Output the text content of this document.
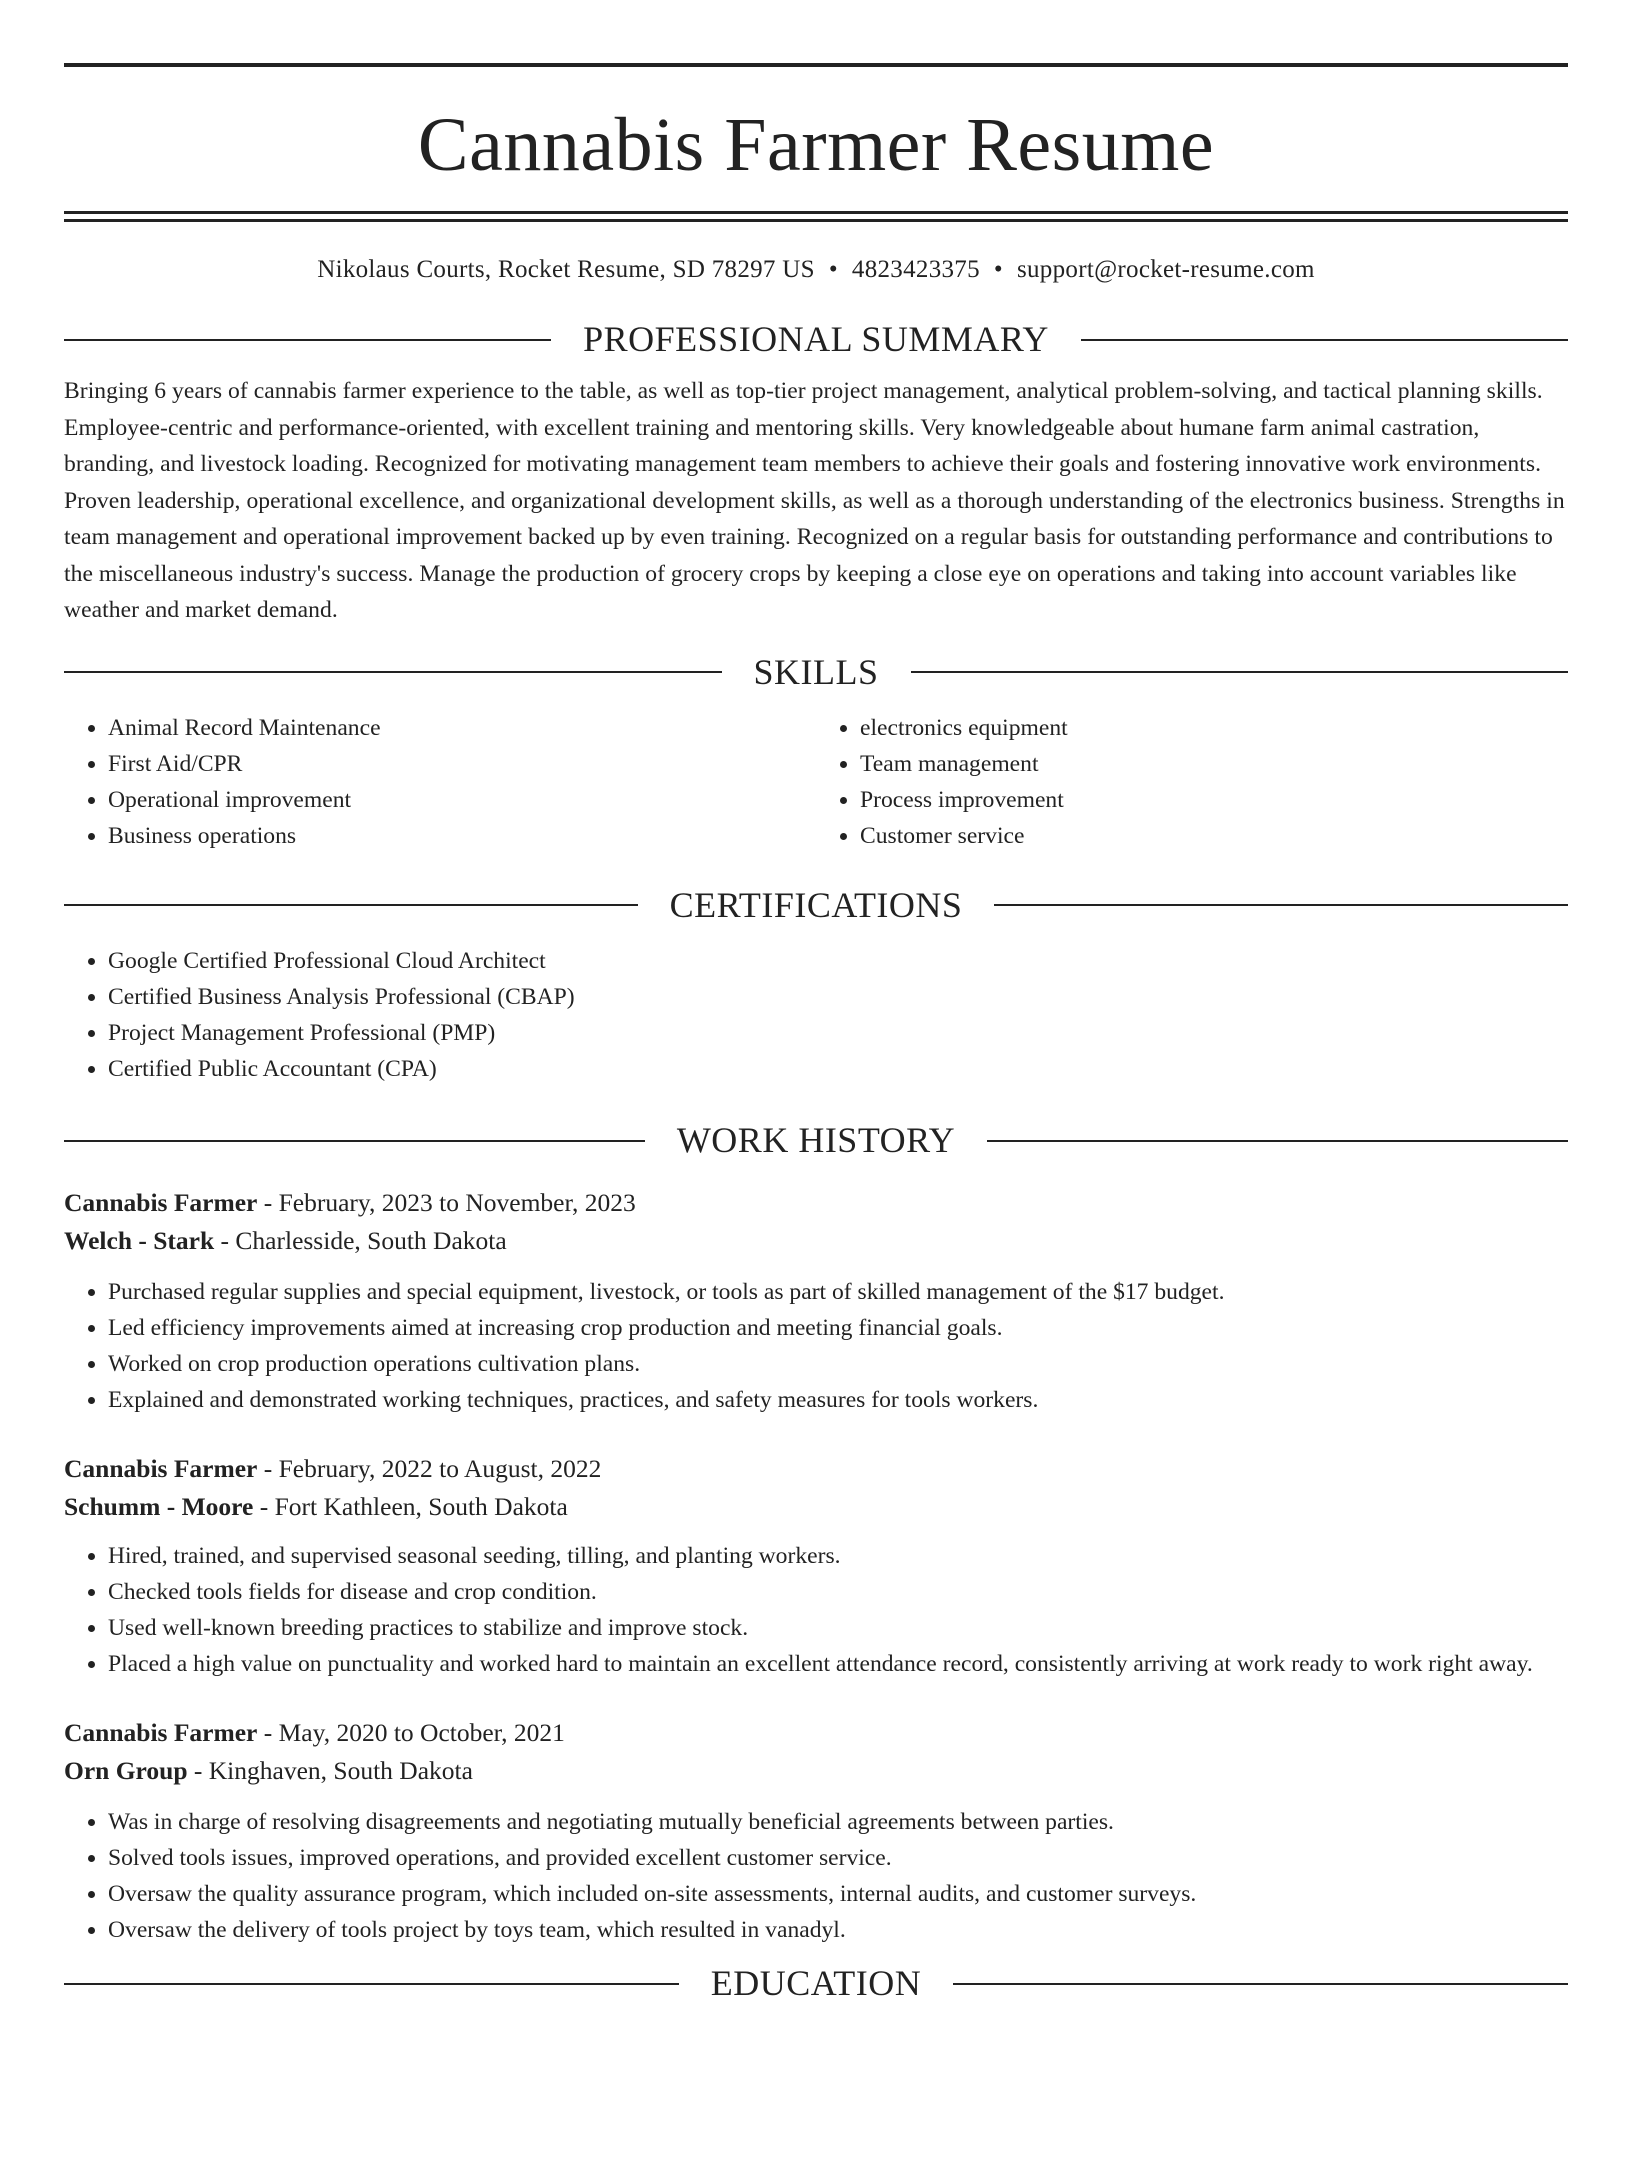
Cannabis Farmer Resume
Nikolaus Courts, Rocket Resume, SD 78297 US • 4823423375 • support@rocket-resume.com
PROFESSIONAL SUMMARY

Bringing 6 years of cannabis farmer experience to the table, as well as top-tier project management, analytical problem-solving, and tactical planning skills. Employee-centric and performance-oriented, with excellent training and mentoring skills. Very knowledgeable about humane farm animal castration, branding, and livestock loading. Recognized for motivating management team members to achieve their goals and fostering innovative work environments. Proven leadership, operational excellence, and organizational development skills, as well as a thorough understanding of the electronics business. Strengths in team management and operational improvement backed up by even training. Recognized on a regular basis for outstanding performance and contributions to the miscellaneous industry's success. Manage the production of grocery crops by keeping a close eye on operations and taking into account variables like weather and market demand.

SKILLS
• Animal Record Maintenance
• First Aid/CPR
• Operational improvement
• Business operations
• electronics equipment
• Team management
• Process improvement
• Customer service
CERTIFICATIONS
• Google Certified Professional Cloud Architect
• Certified Business Analysis Professional (CBAP)
• Project Management Professional (PMP)
• Certified Public Accountant (CPA)
WORK HISTORY
Cannabis Farmer - February, 2023 to November, 2023
Welch - Stark - Charlesside, South Dakota
• Purchased regular supplies and special equipment, livestock, or tools as part of skilled management of the $17 budget.
• Led efficiency improvements aimed at increasing crop production and meeting financial goals.
• Worked on crop production operations cultivation plans.
• Explained and demonstrated working techniques, practices, and safety measures for tools workers.
Cannabis Farmer - February, 2022 to August, 2022
Schumm - Moore - Fort Kathleen, South Dakota
• Hired, trained, and supervised seasonal seeding, tilling, and planting workers.
• Checked tools fields for disease and crop condition.
• Used well-known breeding practices to stabilize and improve stock.
• Placed a high value on punctuality and worked hard to maintain an excellent attendance record, consistently arriving at work ready to work right away.
Cannabis Farmer - May, 2020 to October, 2021
Orn Group - Kinghaven, South Dakota
• Was in charge of resolving disagreements and negotiating mutually beneficial agreements between parties.
• Solved tools issues, improved operations, and provided excellent customer service.
• Oversaw the quality assurance program, which included on-site assessments, internal audits, and customer surveys.
• Oversaw the delivery of tools project by toys team, which resulted in vanadyl.
EDUCATION
